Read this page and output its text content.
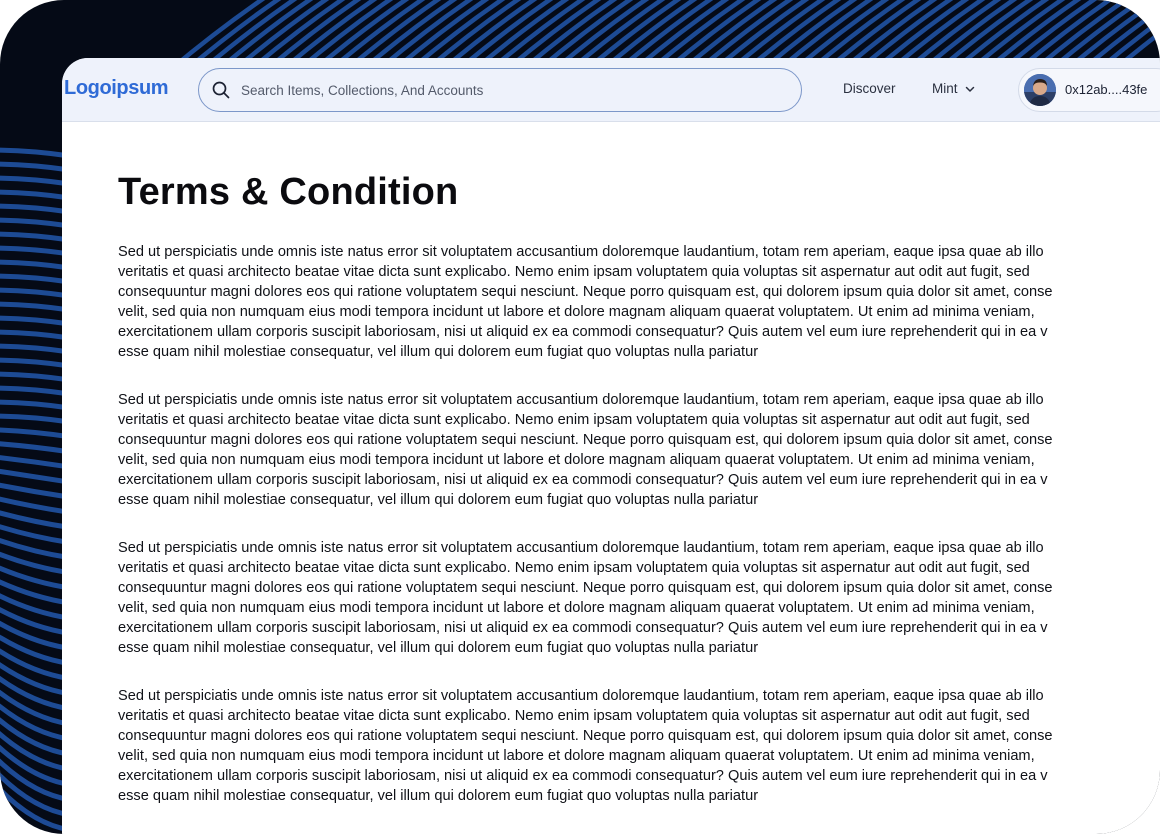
Logoipsum
Search Items, Collections, And Accounts	Discover	Mint	0x12ab....43fe
Terms & Condition

Sed ut perspiciatis unde omnis iste natus error sit voluptatem accusantium doloremque laudantium, totam rem aperiam, eaque ipsa quae ab illo
veritatis et quasi architecto beatae vitae dicta sunt explicabo. Nemo enim ipsam voluptatem quia voluptas sit aspernatur aut odit aut fugit, sed
consequuntur magni dolores eos qui ratione voluptatem sequi nesciunt. Neque porro quisquam est, qui dolorem ipsum quia dolor sit amet, conse
velit, sed quia non numquam eius modi tempora incidunt ut labore et dolore magnam aliquam quaerat voluptatem. Ut enim ad minima veniam,
exercitationem ullam corporis suscipit laboriosam, nisi ut aliquid ex ea commodi consequatur? Quis autem vel eum iure reprehenderit qui in ea v
esse quam nihil molestiae consequatur, vel illum qui dolorem eum fugiat quo voluptas nulla pariatur

Sed ut perspiciatis unde omnis iste natus error sit voluptatem accusantium doloremque laudantium, totam rem aperiam, eaque ipsa quae ab illo
veritatis et quasi architecto beatae vitae dicta sunt explicabo. Nemo enim ipsam voluptatem quia voluptas sit aspernatur aut odit aut fugit, sed
consequuntur magni dolores eos qui ratione voluptatem sequi nesciunt. Neque porro quisquam est, qui dolorem ipsum quia dolor sit amet, conse
velit, sed quia non numquam eius modi tempora incidunt ut labore et dolore magnam aliquam quaerat voluptatem. Ut enim ad minima veniam,
exercitationem ullam corporis suscipit laboriosam, nisi ut aliquid ex ea commodi consequatur? Quis autem vel eum iure reprehenderit qui in ea v
esse quam nihil molestiae consequatur, vel illum qui dolorem eum fugiat quo voluptas nulla pariatur

Sed ut perspiciatis unde omnis iste natus error sit voluptatem accusantium doloremque laudantium, totam rem aperiam, eaque ipsa quae ab illo
veritatis et quasi architecto beatae vitae dicta sunt explicabo. Nemo enim ipsam voluptatem quia voluptas sit aspernatur aut odit aut fugit, sed
consequuntur magni dolores eos qui ratione voluptatem sequi nesciunt. Neque porro quisquam est, qui dolorem ipsum quia dolor sit amet, conse
velit, sed quia non numquam eius modi tempora incidunt ut labore et dolore magnam aliquam quaerat voluptatem. Ut enim ad minima veniam,
exercitationem ullam corporis suscipit laboriosam, nisi ut aliquid ex ea commodi consequatur? Quis autem vel eum iure reprehenderit qui in ea v
esse quam nihil molestiae consequatur, vel illum qui dolorem eum fugiat quo voluptas nulla pariatur

Sed ut perspiciatis unde omnis iste natus error sit voluptatem accusantium doloremque laudantium, totam rem aperiam, eaque ipsa quae ab illo
veritatis et quasi architecto beatae vitae dicta sunt explicabo. Nemo enim ipsam voluptatem quia voluptas sit aspernatur aut odit aut fugit, sed
consequuntur magni dolores eos qui ratione voluptatem sequi nesciunt. Neque porro quisquam est, qui dolorem ipsum quia dolor sit amet, conse
velit, sed quia non numquam eius modi tempora incidunt ut labore et dolore magnam aliquam quaerat voluptatem. Ut enim ad minima veniam,
exercitationem ullam corporis suscipit laboriosam, nisi ut aliquid ex ea commodi consequatur? Quis autem vel eum iure reprehenderit qui in ea v
esse quam nihil molestiae consequatur, vel illum qui dolorem eum fugiat quo voluptas nulla pariatur
